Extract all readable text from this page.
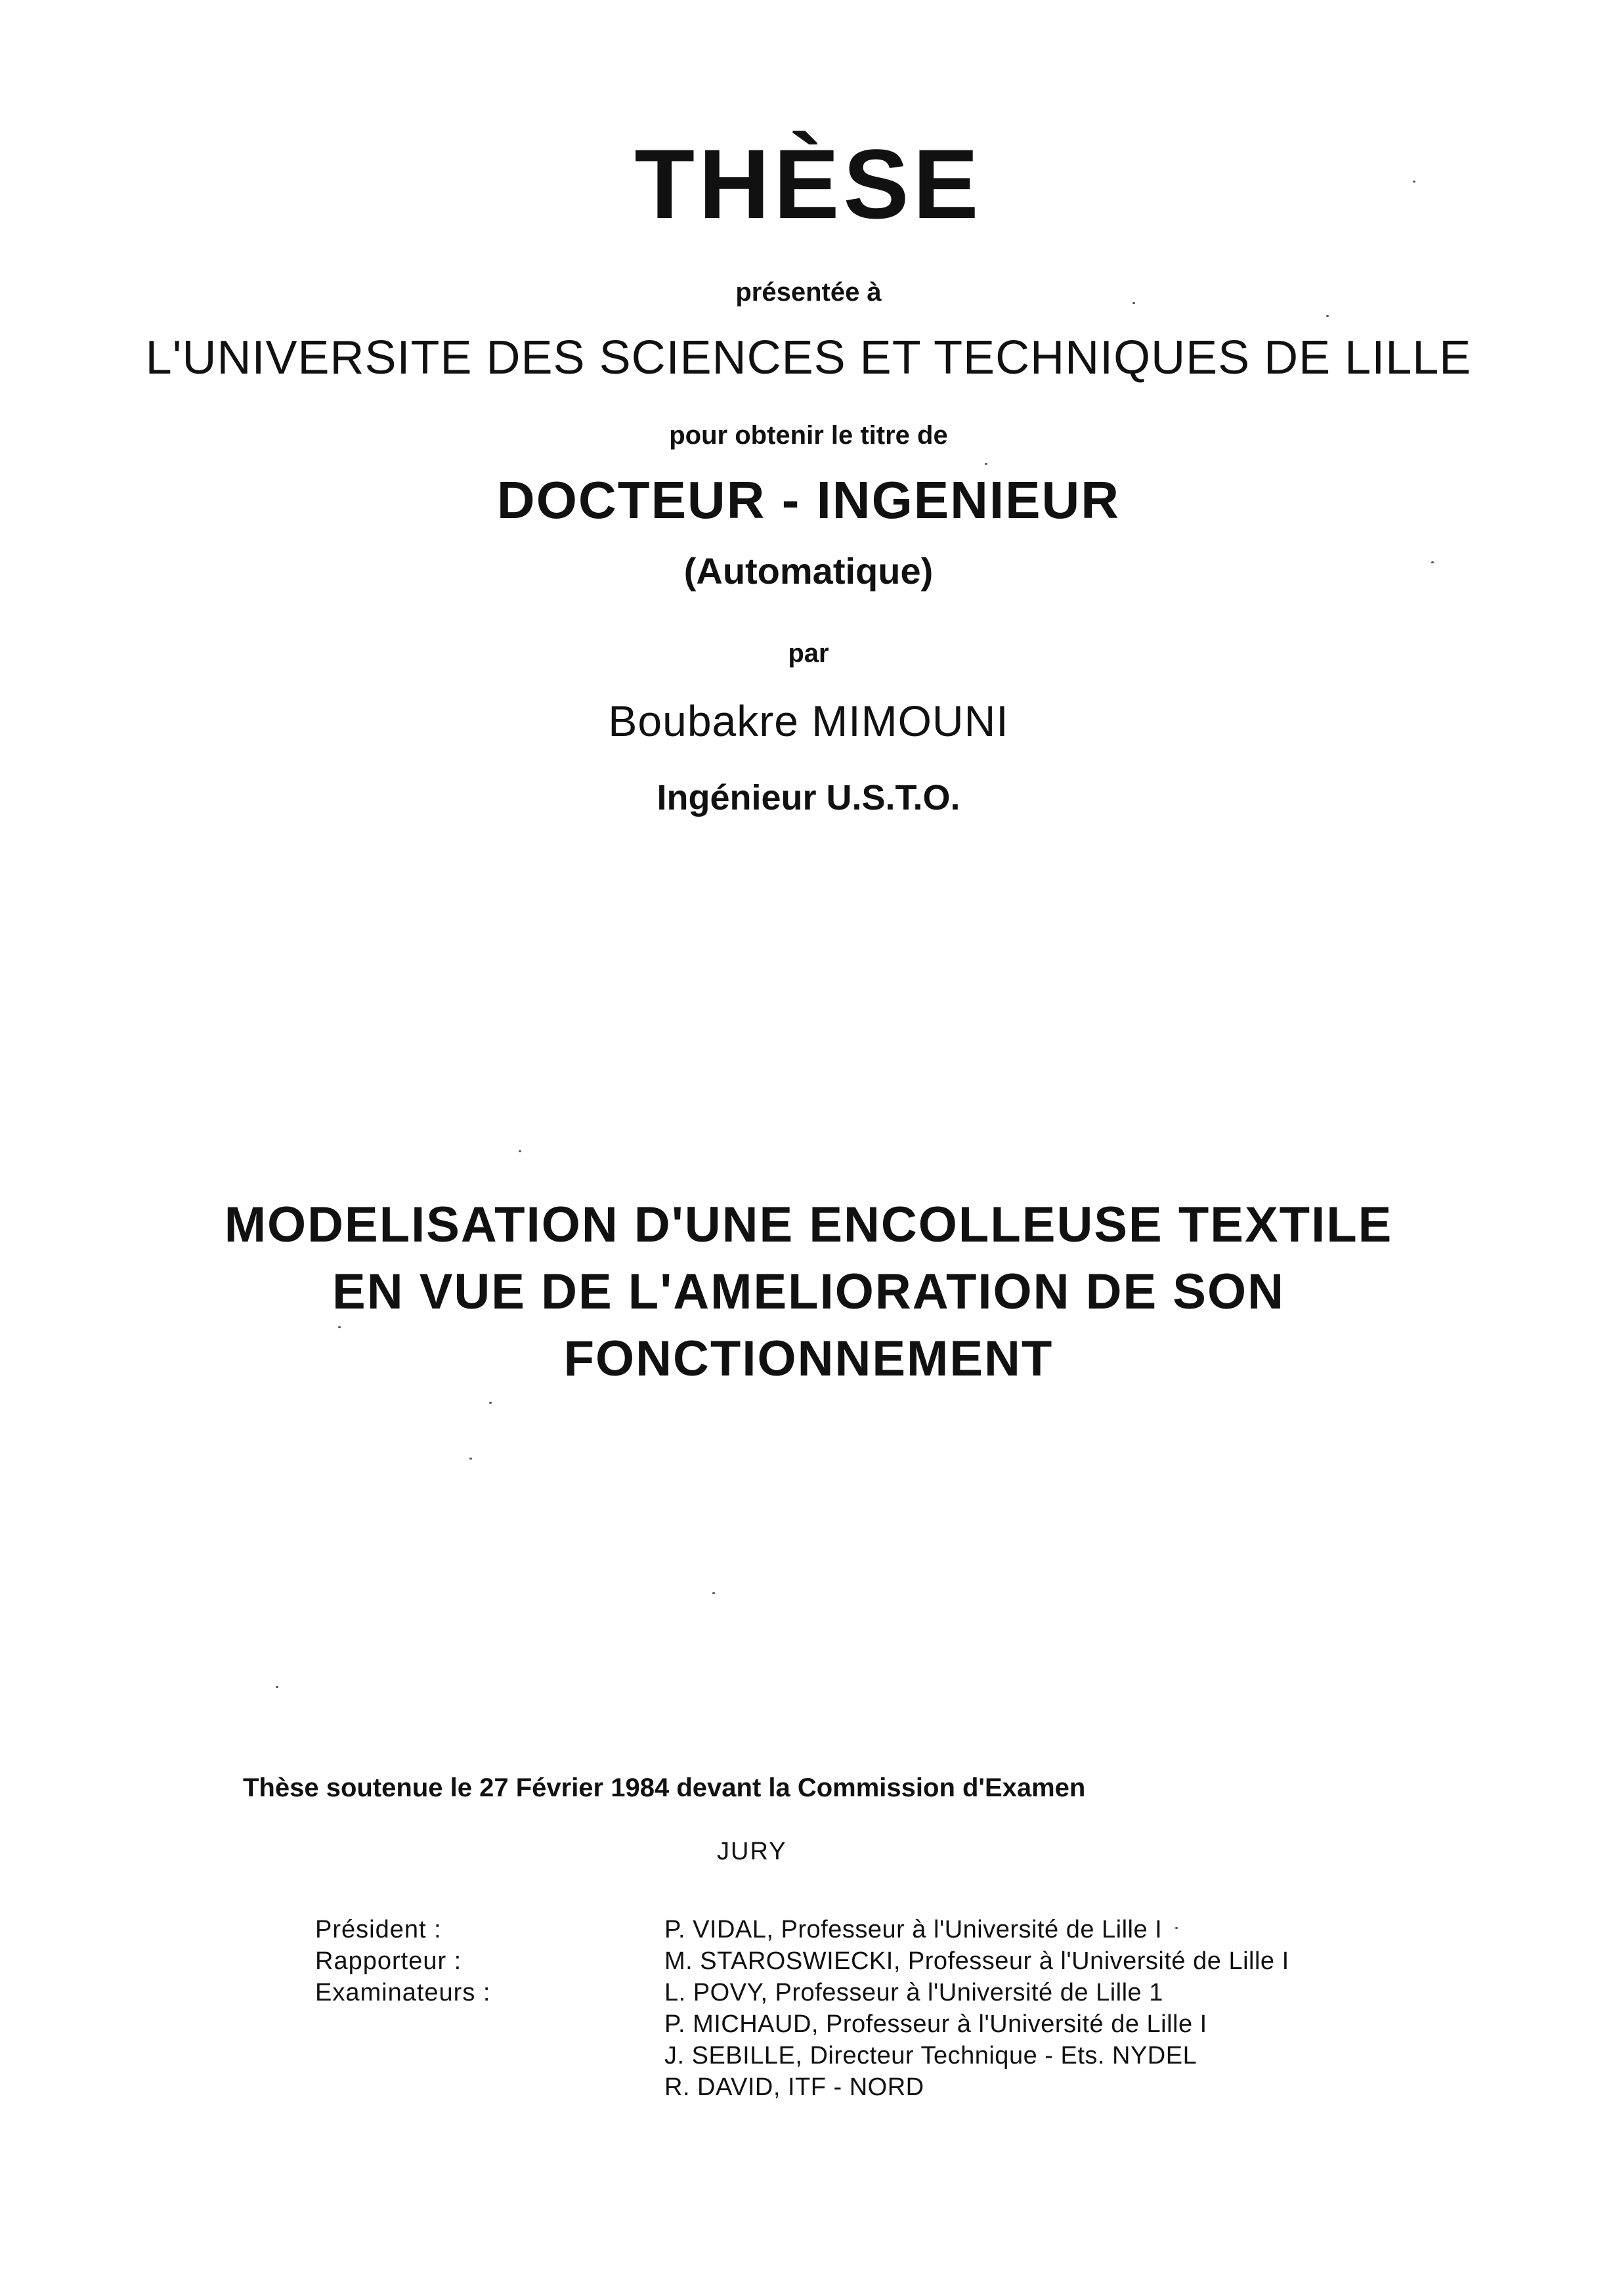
THÈSE
présentée à
L'UNIVERSITE DES SCIENCES ET TECHNIQUES DE LILLE
pour obtenir le titre de
DOCTEUR - INGENIEUR
(Automatique)
par
Boubakre MIMOUNI
Ingénieur U.S.T.O.
MODELISATION D'UNE ENCOLLEUSE TEXTILE
EN VUE DE L'AMELIORATION DE SON
FONCTIONNEMENT
Thèse soutenue le 27 Février 1984 devant la Commission d'Examen
JURY
Président :	P. VIDAL, Professeur à l'Université de Lille I
Rapporteur :	M. STAROSWIECKI, Professeur à l'Université de Lille I
Examinateurs :	L. POVY, Professeur à l'Université de Lille 1
P. MICHAUD, Professeur à l'Université de Lille I
J. SEBILLE, Directeur Technique - Ets. NYDEL
R. DAVID, ITF - NORD
